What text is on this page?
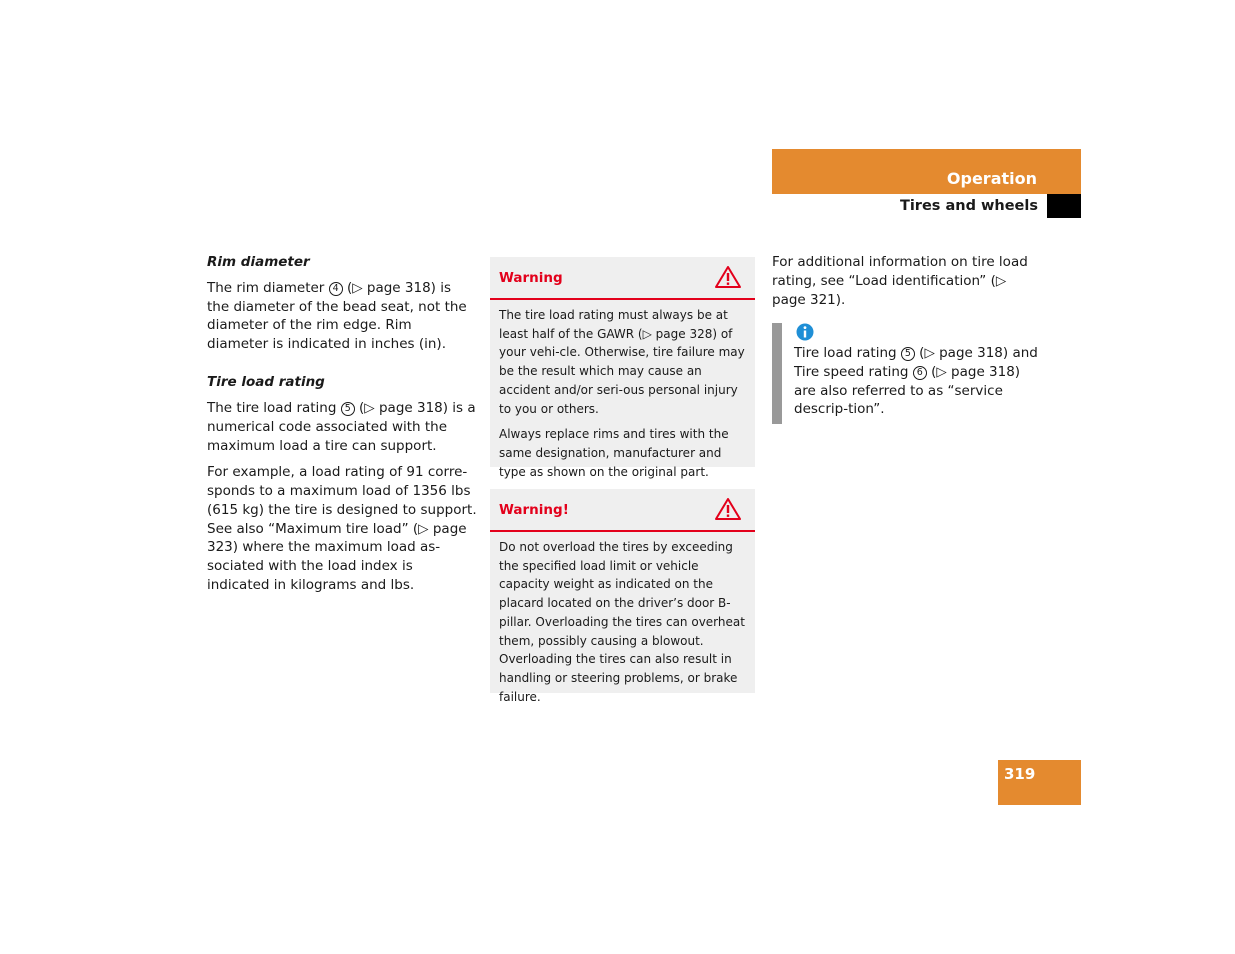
Operation
Tires and wheels
Rim diameter

The rim diameter 4 (▷ page 318) is the diameter of the bead seat, not the diameter of the rim edge. Rim diameter is indicated in inches (in).

Tire load rating

The tire load rating 5 (▷ page 318) is a numerical code associated with the maximum load a tire can support.

For example, a load rating of 91 corre-sponds to a maximum load of 1356 lbs (615 kg) the tire is designed to support. See also “Maximum tire load” (▷ page 323) where the maximum load as-sociated with the load index is indicated in kilograms and lbs.

Warning

The tire load rating must always be at least half of the GAWR (▷ page 328) of your vehi-cle. Otherwise, tire failure may be the result which may cause an accident and/or seri-ous personal injury to you or others.

Always replace rims and tires with the same designation, manufacturer and type as shown on the original part.

Warning!

Do not overload the tires by exceeding the specified load limit or vehicle capacity weight as indicated on the placard located on the driver’s door B-pillar. Overloading the tires can overheat them, possibly causing a blowout. Overloading the tires can also result in handling or steering problems, or brake failure.

For additional information on tire load rating, see “Load identification” (▷ page 321).

Tire load rating 5 (▷ page 318) and Tire speed rating 6 (▷ page 318) are also referred to as “service descrip-tion”.
319
